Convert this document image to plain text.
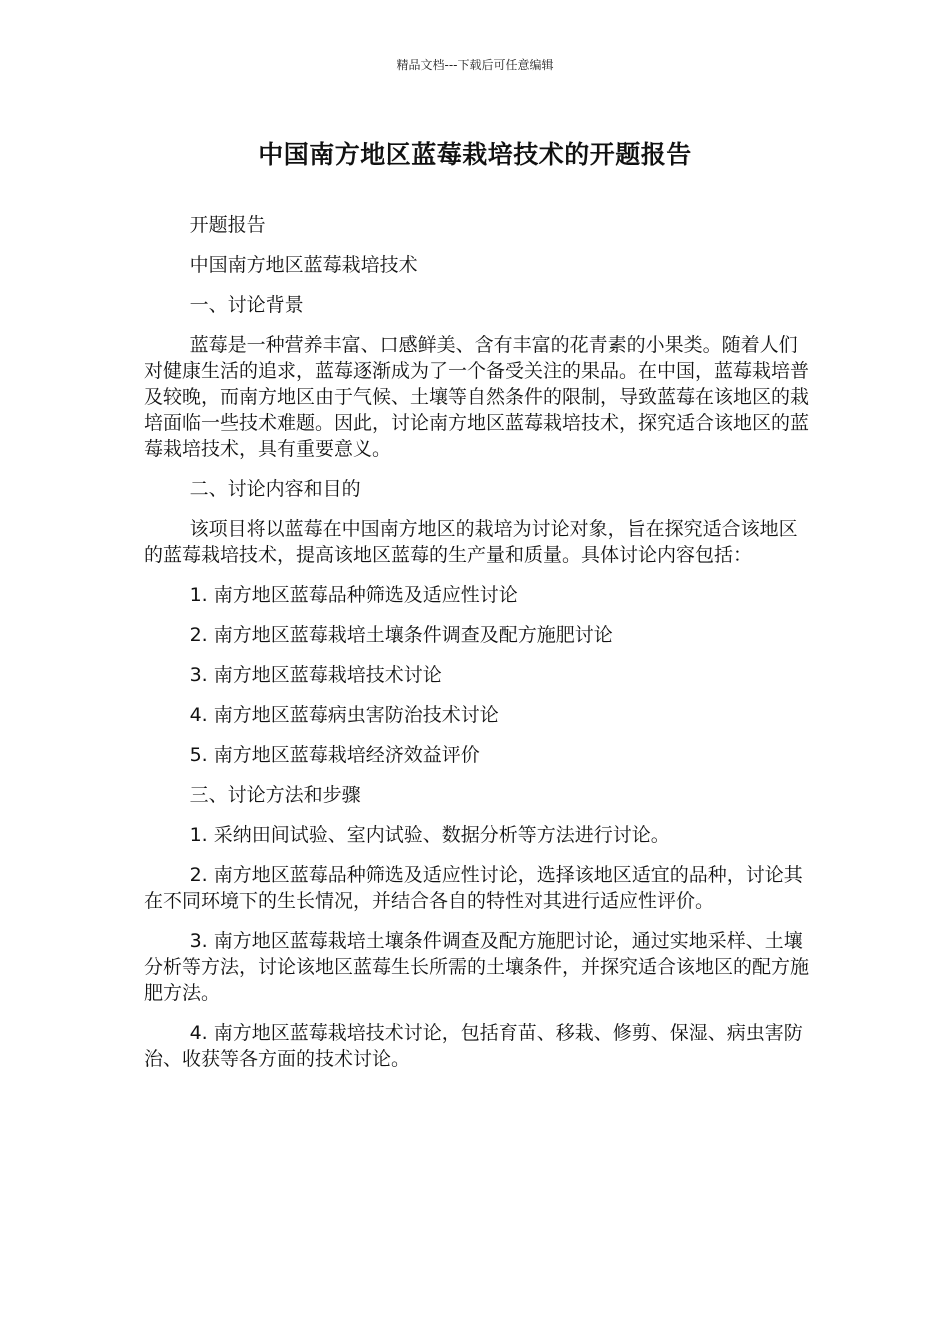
精品文档---下载后可任意编辑
中国南方地区蓝莓栽培技术的开题报告

开题报告

中国南方地区蓝莓栽培技术

一、讨论背景

蓝莓是一种营养丰富、口感鲜美、含有丰富的花青素的小果类。随着人们对健康生活的追求，蓝莓逐渐成为了一个备受关注的果品。在中国，蓝莓栽培普及较晚，而南方地区由于气候、土壤等自然条件的限制，导致蓝莓在该地区的栽培面临一些技术难题。因此，讨论南方地区蓝莓栽培技术，探究适合该地区的蓝莓栽培技术，具有重要意义。

二、讨论内容和目的

该项目将以蓝莓在中国南方地区的栽培为讨论对象，旨在探究适合该地区的蓝莓栽培技术，提高该地区蓝莓的生产量和质量。具体讨论内容包括：

1. 南方地区蓝莓品种筛选及适应性讨论

2. 南方地区蓝莓栽培土壤条件调查及配方施肥讨论

3. 南方地区蓝莓栽培技术讨论

4. 南方地区蓝莓病虫害防治技术讨论

5. 南方地区蓝莓栽培经济效益评价

三、讨论方法和步骤

1. 采纳田间试验、室内试验、数据分析等方法进行讨论。

2. 南方地区蓝莓品种筛选及适应性讨论，选择该地区适宜的品种，讨论其在不同环境下的生长情况，并结合各自的特性对其进行适应性评价。

3. 南方地区蓝莓栽培土壤条件调查及配方施肥讨论，通过实地采样、土壤分析等方法，讨论该地区蓝莓生长所需的土壤条件，并探究适合该地区的配方施肥方法。

4. 南方地区蓝莓栽培技术讨论，包括育苗、移栽、修剪、保湿、病虫害防治、收获等各方面的技术讨论。
